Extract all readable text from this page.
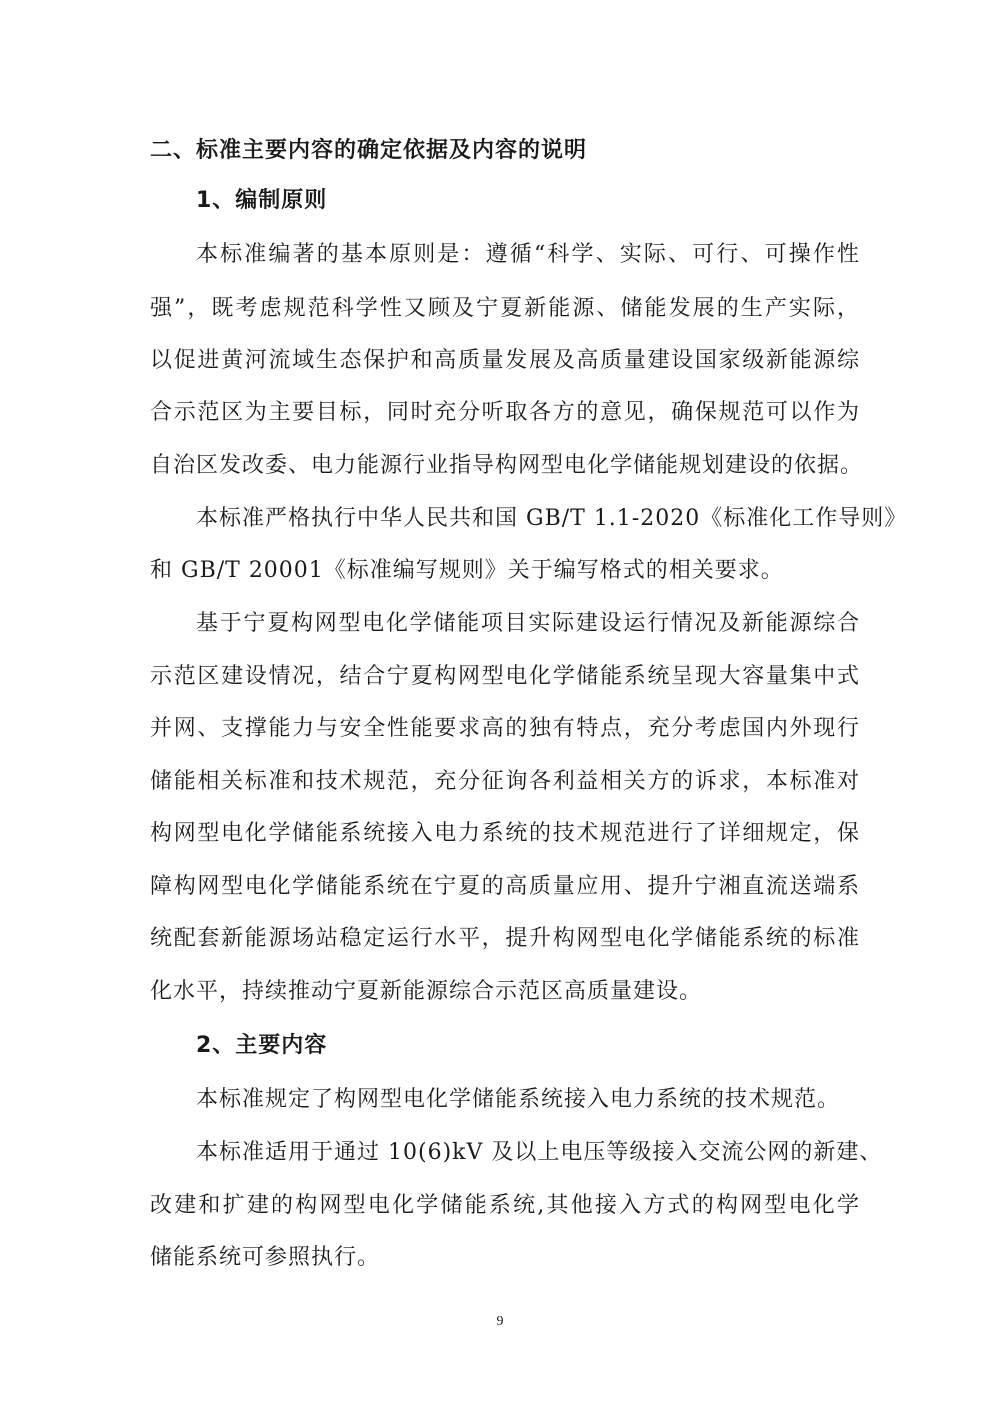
二、标准主要内容的确定依据及内容的说明
1、编制原则
本标准编著的基本原则是：遵循“科学、实际、可行、可操作性
强”，既考虑规范科学性又顾及宁夏新能源、储能发展的生产实际，
以促进黄河流域生态保护和高质量发展及高质量建设国家级新能源综
合示范区为主要目标，同时充分听取各方的意见，确保规范可以作为
自治区发改委、电力能源行业指导构网型电化学储能规划建设的依据。
本标准严格执行中华人民共和国 GB/T 1.1-2020《标准化工作导则》
和 GB/T 20001《标准编写规则》关于编写格式的相关要求。
基于宁夏构网型电化学储能项目实际建设运行情况及新能源综合
示范区建设情况，结合宁夏构网型电化学储能系统呈现大容量集中式
并网、支撑能力与安全性能要求高的独有特点，充分考虑国内外现行
储能相关标准和技术规范，充分征询各利益相关方的诉求，本标准对
构网型电化学储能系统接入电力系统的技术规范进行了详细规定，保
障构网型电化学储能系统在宁夏的高质量应用、提升宁湘直流送端系
统配套新能源场站稳定运行水平，提升构网型电化学储能系统的标准
化水平，持续推动宁夏新能源综合示范区高质量建设。
2、主要内容
本标准规定了构网型电化学储能系统接入电力系统的技术规范。
本标准适用于通过 10(6)kV 及以上电压等级接入交流公网的新建、
改建和扩建的构网型电化学储能系统,其他接入方式的构网型电化学
储能系统可参照执行。
9
